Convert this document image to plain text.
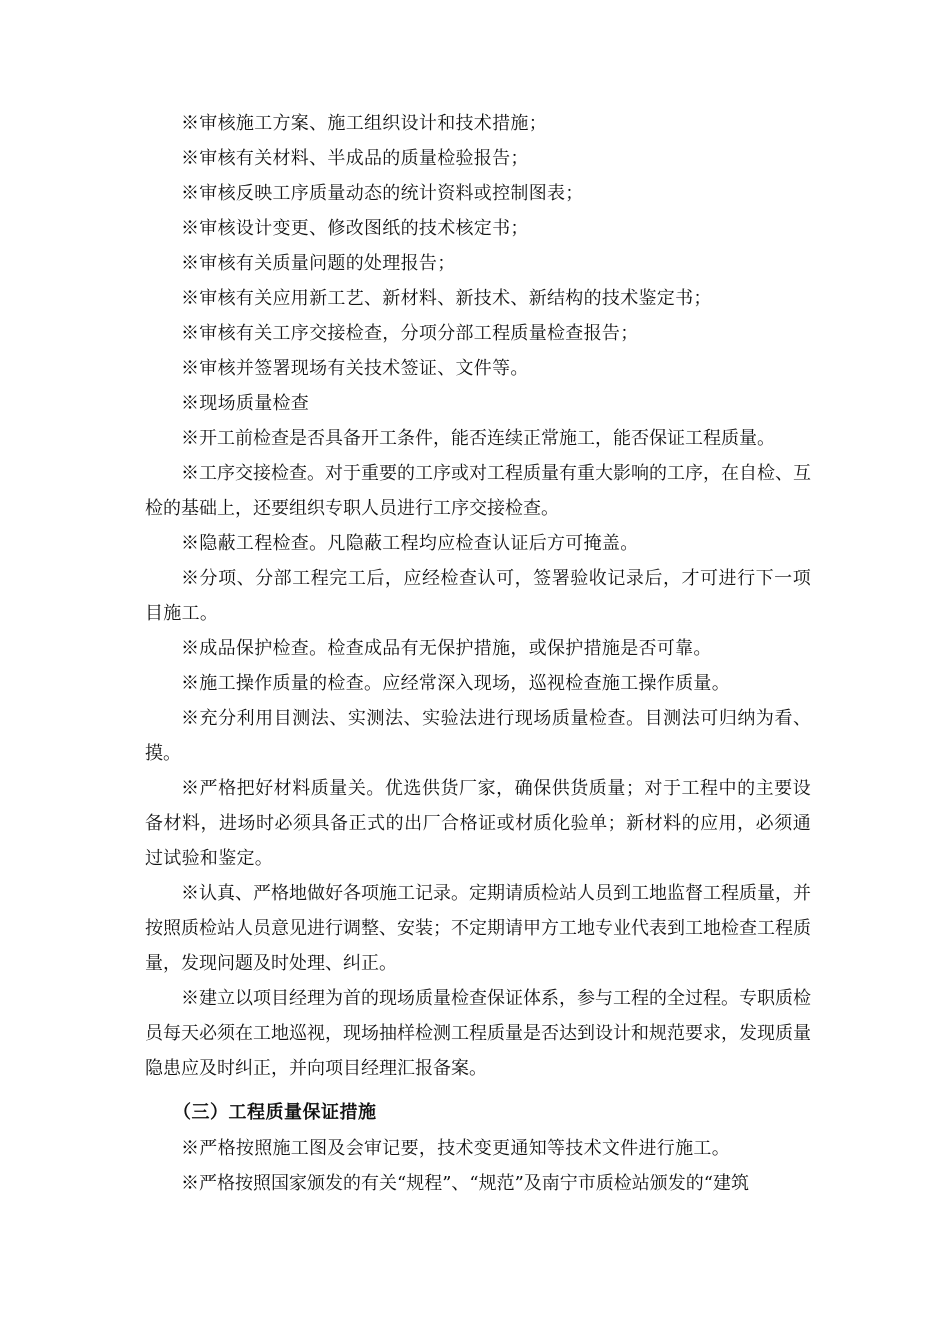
※审核施工方案、施工组织设计和技术措施；

※审核有关材料、半成品的质量检验报告；

※审核反映工序质量动态的统计资料或控制图表；

※审核设计变更、修改图纸的技术核定书；

※审核有关质量问题的处理报告；

※审核有关应用新工艺、新材料、新技术、新结构的技术鉴定书；

※审核有关工序交接检查，分项分部工程质量检查报告；

※审核并签署现场有关技术签证、文件等。

※现场质量检查

※开工前检查是否具备开工条件，能否连续正常施工，能否保证工程质量。

※工序交接检查。对于重要的工序或对工程质量有重大影响的工序，在自检、互检的基础上，还要组织专职人员进行工序交接检查。

※隐蔽工程检查。凡隐蔽工程均应检查认证后方可掩盖。

※分项、分部工程完工后，应经检查认可，签署验收记录后，才可进行下一项目施工。

※成品保护检查。检查成品有无保护措施，或保护措施是否可靠。

※施工操作质量的检查。应经常深入现场，巡视检查施工操作质量。

※充分利用目测法、实测法、实验法进行现场质量检查。目测法可归纳为看、摸。

※严格把好材料质量关。优选供货厂家，确保供货质量；对于工程中的主要设备材料，进场时必须具备正式的出厂合格证或材质化验单；新材料的应用，必须通过试验和鉴定。

※认真、严格地做好各项施工记录。定期请质检站人员到工地监督工程质量，并按照质检站人员意见进行调整、安装；不定期请甲方工地专业代表到工地检查工程质量，发现问题及时处理、纠正。

※建立以项目经理为首的现场质量检查保证体系，参与工程的全过程。专职质检员每天必须在工地巡视，现场抽样检测工程质量是否达到设计和规范要求，发现质量隐患应及时纠正，并向项目经理汇报备案。

（三）工程质量保证措施

※严格按照施工图及会审记要，技术变更通知等技术文件进行施工。

※严格按照国家颁发的有关“规程”、“规范”及南宁市质检站颁发的“建筑
